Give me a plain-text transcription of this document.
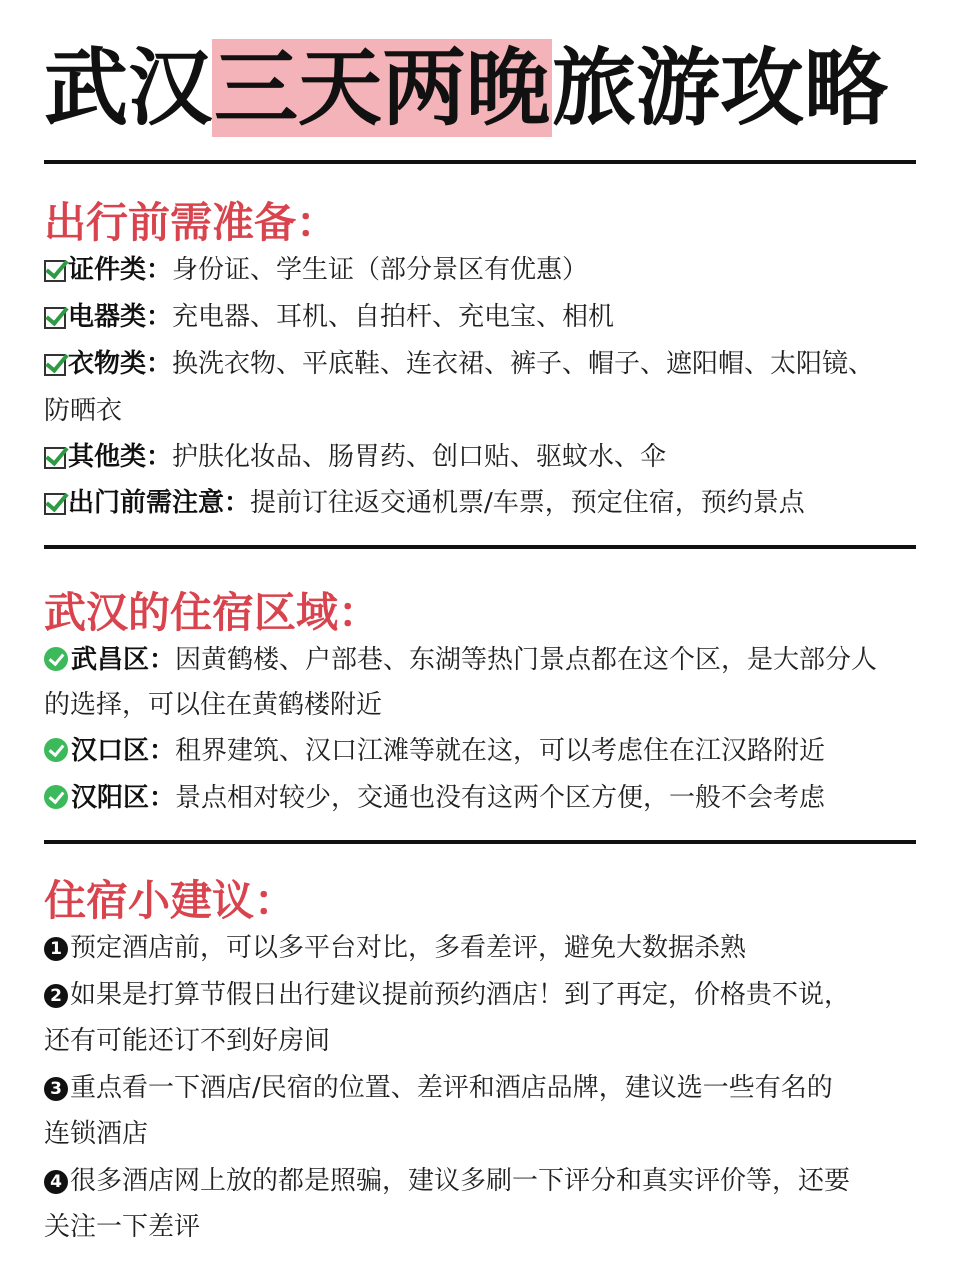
武汉三天两晚旅游攻略
出行前需准备：
证件类：身份证、学生证（部分景区有优惠）
电器类：充电器、耳机、自拍杆、充电宝、相机
衣物类：换洗衣物、平底鞋、连衣裙、裤子、帽子、遮阳帽、太阳镜、
防晒衣
其他类：护肤化妆品、肠胃药、创口贴、驱蚊水、伞
出门前需注意：提前订往返交通机票/车票，预定住宿，预约景点
武汉的住宿区域：
武昌区：因黄鹤楼、户部巷、东湖等热门景点都在这个区，是大部分人
的选择，可以住在黄鹤楼附近
汉口区：租界建筑、汉口江滩等就在这，可以考虑住在江汉路附近
汉阳区：景点相对较少，交通也没有这两个区方便，一般不会考虑
住宿小建议：
1 预定酒店前，可以多平台对比，多看差评，避免大数据杀熟
2 如果是打算节假日出行建议提前预约酒店！到了再定，价格贵不说，
还有可能还订不到好房间
3 重点看一下酒店/民宿的位置、差评和酒店品牌，建议选一些有名的
连锁酒店
4 很多酒店网上放的都是照骗，建议多刷一下评分和真实评价等，还要
关注一下差评
